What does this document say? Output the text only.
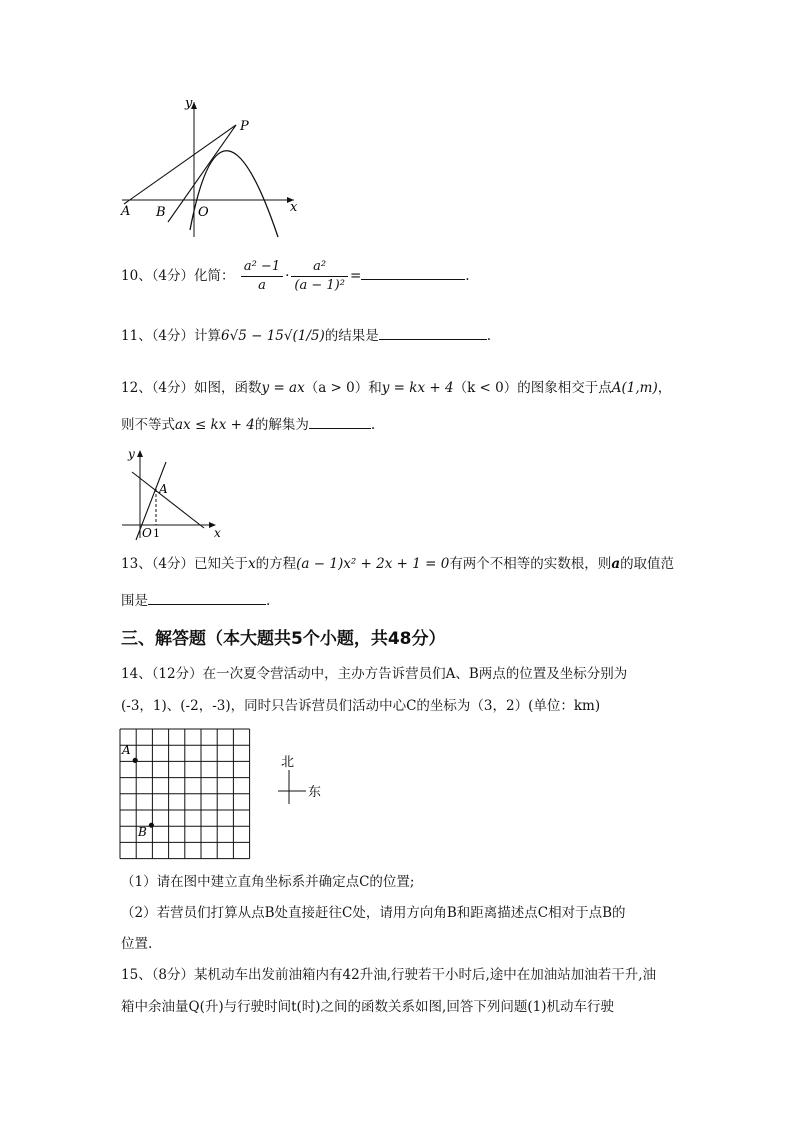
y
x
P
A B O
10、（4分）化简： $\frac{\text{a² −1}}{a} \cdot \frac{\text{a²}}{\text{(a − 1)²}}$ =	.
11、（4分）计算6√5 − 15√(1/5)的结果是	.
12、（4分）如图，函数y = ax（a > 0）和y = kx + 4（k < 0）的图象相交于点A(1,m)，
则不等式ax ≤ kx + 4的解集为	.
y
x
A
O 1
13、（4分）已知关于x的方程(a − 1)x² + 2x + 1 = 0有两个不相等的实数根，则a的取值范
围是	.
三、解答题（本大题共5个小题，共48分）
14、（12分）在一次夏令营活动中，主办方告诉营员们A、B两点的位置及坐标分别为
(-3，1)、(-2，-3)，同时只告诉营员们活动中心C的坐标为（3，2）(单位：km)
A
B
北
东
（1）请在图中建立直角坐标系并确定点C的位置;
（2）若营员们打算从点B处直接赶往C处，请用方向角B和距离描述点C相对于点B的
位置.
15、（8分）某机动车出发前油箱内有42升油,行驶若干小时后,途中在加油站加油若干升,油
箱中余油量Q(升)与行驶时间t(时)之间的函数关系如图,回答下列问题(1)机动车行驶
